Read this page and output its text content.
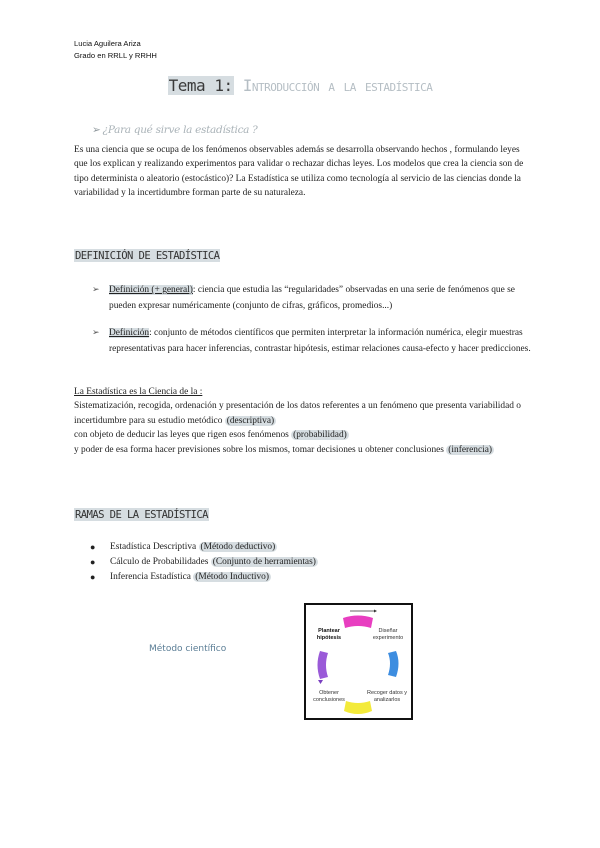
Lucia Aguilera Ariza
Grado en RRLL y RRHH
Tema 1: Introducción a la estadística
➢ ¿Para qué sirve la estadística ?

Es una ciencia que se ocupa de los fenómenos observables además se desarrolla observando hechos , formulando leyes que los explican y realizando experimentos para validar o rechazar dichas leyes. Los modelos que crea la ciencia son de tipo determinista o aleatorio (estocástico)? La Estadística se utiliza como tecnología al servicio de las ciencias donde la variabilidad y la incertidumbre forman parte de su naturaleza.

DEFINICIÓN DE ESTADÍSTICA
➢	Definición (+ general): ciencia que estudia las “regularidades” observadas en una serie de fenómenos que se pueden expresar numéricamente (conjunto de cifras, gráficos, promedios...)
➢	Definición: conjunto de métodos científicos que permiten interpretar la información numérica, elegir muestras representativas para hacer inferencias, contrastar hipótesis, estimar relaciones causa-efecto y hacer predicciones.
La Estadística es la Ciencia de la :
Sistematización, recogida, ordenación y presentación de los datos referentes a un fenómeno que presenta variabilidad o incertidumbre para su estudio metódico (descriptiva)
con objeto de deducir las leyes que rigen esos fenómenos (probabilidad)
y poder de esa forma hacer previsiones sobre los mismos, tomar decisiones u obtener conclusiones (inferencia)
RAMAS DE LA ESTADÍSTICA
● Estadística Descriptiva (Método deductivo)
● Cálculo de Probabilidades (Conjunto de herramientas)
● Inferencia Estadística (Método Inductivo)
Método científico
Plantear hipótesis
Diseñar experimento
Obtener conclusiones
Recoger datos y analizarlos
